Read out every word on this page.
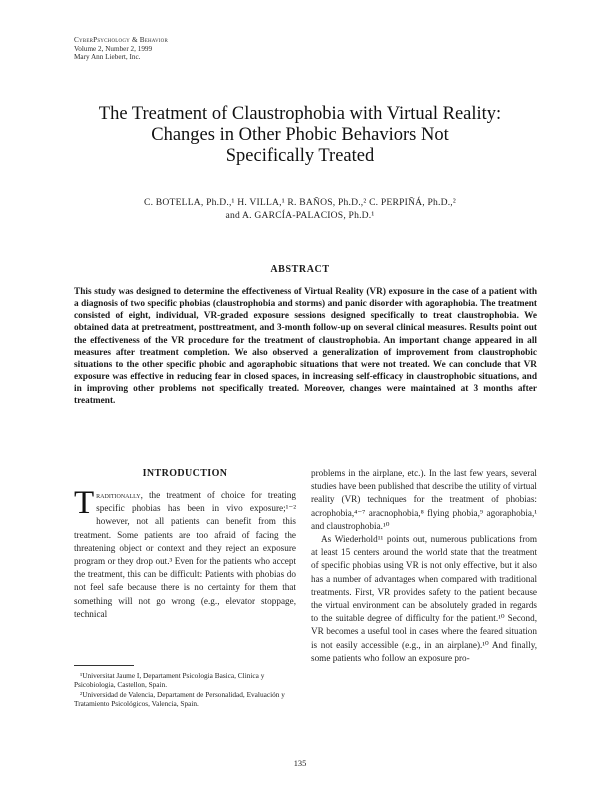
CyberPsychology & Behavior
Volume 2, Number 2, 1999
Mary Ann Liebert, Inc.
The Treatment of Claustrophobia with Virtual Reality:
Changes in Other Phobic Behaviors Not
Specifically Treated
C. BOTELLA, Ph.D.,¹ H. VILLA,¹ R. BAÑOS, Ph.D.,² C. PERPIÑÁ, Ph.D.,²
and A. GARCÍA-PALACIOS, Ph.D.¹
ABSTRACT
This study was designed to determine the effectiveness of Virtual Reality (VR) exposure in the case of a patient with a diagnosis of two specific phobias (claustrophobia and storms) and panic disorder with agoraphobia. The treatment consisted of eight, individual, VR-graded exposure sessions designed specifically to treat claustrophobia. We obtained data at pretreatment, posttreatment, and 3-month follow-up on several clinical measures. Results point out the effectiveness of the VR procedure for the treatment of claustrophobia. An important change appeared in all measures after treatment completion. We also observed a generalization of improvement from claustrophobic situations to the other specific phobic and agoraphobic situations that were not treated. We can conclude that VR exposure was effective in reducing fear in closed spaces, in increasing self-efficacy in claustrophobic situations, and in improving other problems not specifically treated. Moreover, changes were maintained at 3 months after treatment.
INTRODUCTION

Traditionally, the treatment of choice for treating specific phobias has been in vivo exposure;¹⁻² however, not all patients can benefit from this treatment. Some patients are too afraid of facing the threatening object or context and they reject an exposure program or they drop out.³ Even for the patients who accept the treatment, this can be difficult: Patients with phobias do not feel safe because there is no certainty for them that something will not go wrong (e.g., elevator stoppage, technical

problems in the airplane, etc.). In the last few years, several studies have been published that describe the utility of virtual reality (VR) techniques for the treatment of phobias: acrophobia,⁴⁻⁷ aracnophobia,⁸ flying phobia,⁹ agoraphobia,¹ and claustrophobia.¹⁰

As Wiederhold¹¹ points out, numerous publications from at least 15 centers around the world state that the treatment of specific phobias using VR is not only effective, but it also has a number of advantages when compared with traditional treatments. First, VR provides safety to the patient because the virtual environment can be absolutely graded in regards to the suitable degree of difficulty for the patient.¹⁰ Second, VR becomes a useful tool in cases where the feared situation is not easily accessible (e.g., in an airplane).¹⁰ And finally, some patients who follow an exposure pro-

¹Universitat Jaume I, Departament Psicologia Basica, Clinica y Psicobiologia, Castellon, Spain.

²Universidad de Valencia, Departament de Personalidad, Evaluación y Tratamiento Psicológicos, Valencia, Spain.

135
